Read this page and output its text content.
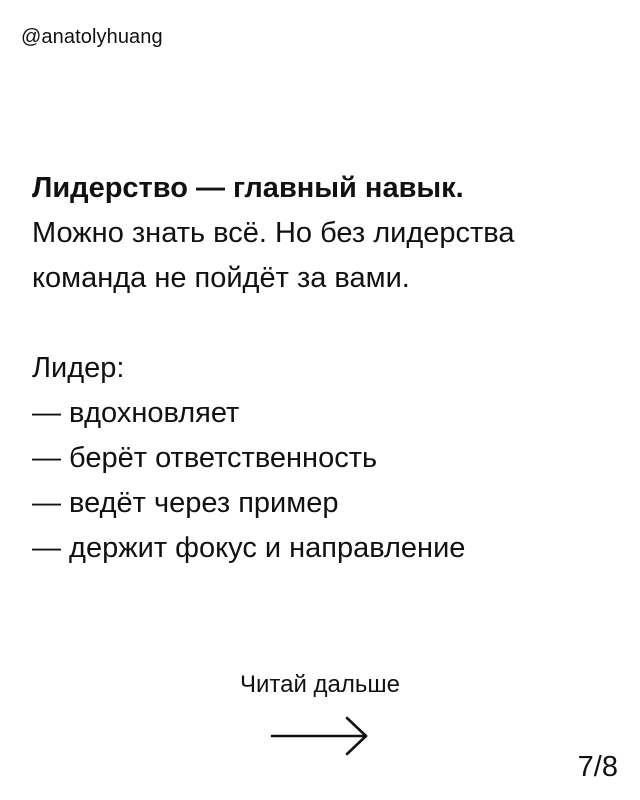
@anatolyhuang
Лидерство — главный навык.
Можно знать всё. Но без лидерства
команда не пойдёт за вами.
Лидер:
— вдохновляет
— берёт ответственность
— ведёт через пример
— держит фокус и направление
Читай дальше
7/8
